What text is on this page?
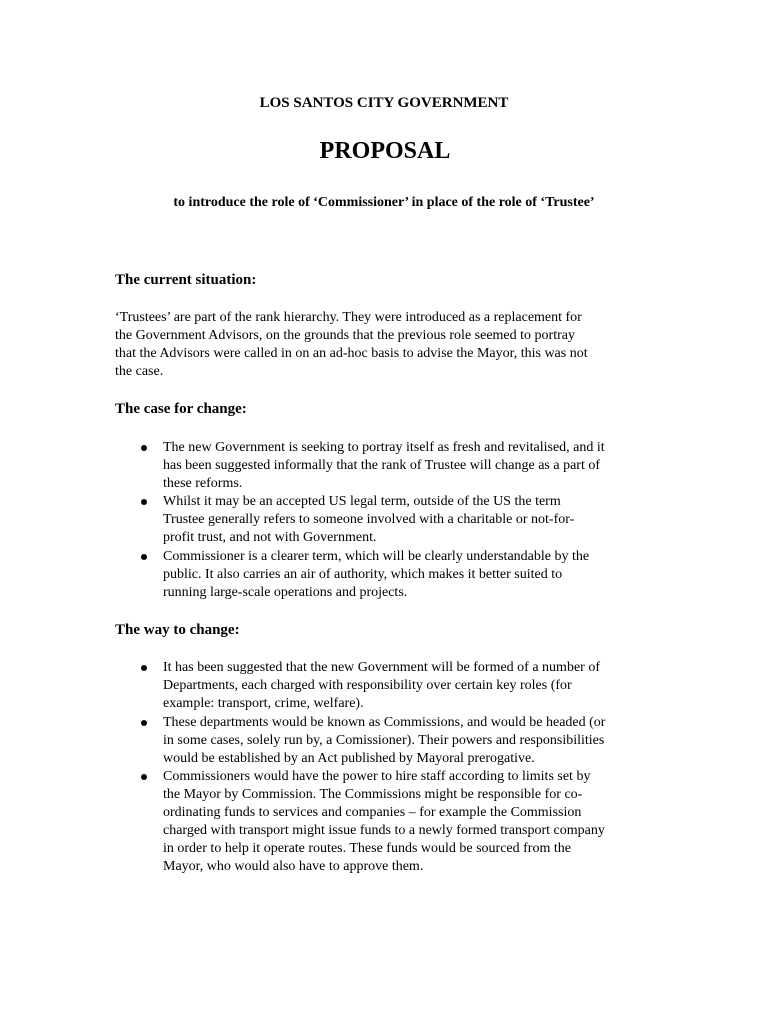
LOS SANTOS CITY GOVERNMENT
PROPOSAL
to introduce the role of ‘Commissioner’ in place of the role of ‘Trustee’
The current situation:
‘Trustees’ are part of the rank hierarchy. They were introduced as a replacement for
the Government Advisors, on the grounds that the previous role seemed to portray
that the Advisors were called in on an ad-hoc basis to advise the Mayor, this was not
the case.
The case for change:
The new Government is seeking to portray itself as fresh and revitalised, and it
has been suggested informally that the rank of Trustee will change as a part of
these reforms.
Whilst it may be an accepted US legal term, outside of the US the term
Trustee generally refers to someone involved with a charitable or not-for-
profit trust, and not with Government.
Commissioner is a clearer term, which will be clearly understandable by the
public. It also carries an air of authority, which makes it better suited to
running large-scale operations and projects.
The way to change:
It has been suggested that the new Government will be formed of a number of
Departments, each charged with responsibility over certain key roles (for
example: transport, crime, welfare).
These departments would be known as Commissions, and would be headed (or
in some cases, solely run by, a Comissioner). Their powers and responsibilities
would be established by an Act published by Mayoral prerogative.
Commissioners would have the power to hire staff according to limits set by
the Mayor by Commission. The Commissions might be responsible for co-
ordinating funds to services and companies – for example the Commission
charged with transport might issue funds to a newly formed transport company
in order to help it operate routes. These funds would be sourced from the
Mayor, who would also have to approve them.
